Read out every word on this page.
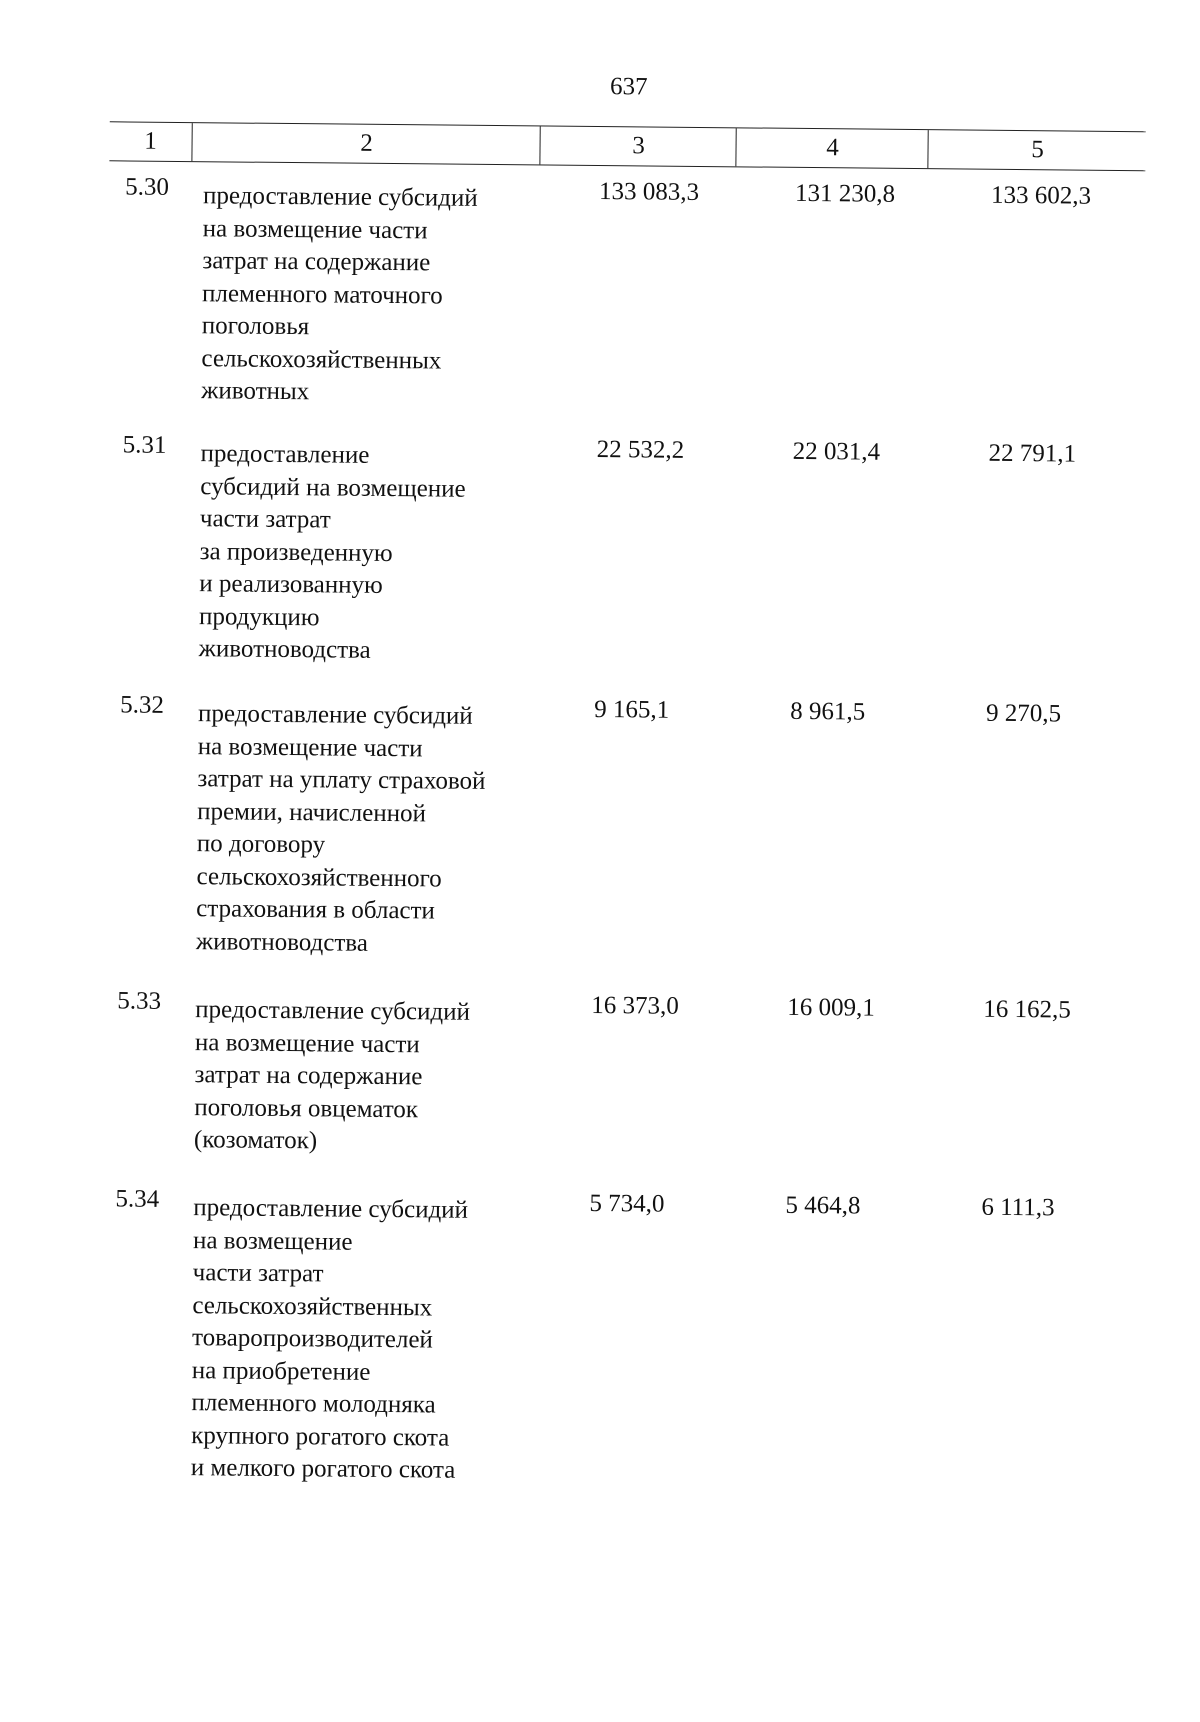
637
1	2	3	4	5
5.30 предоставление субсидий
на возмещение части
затрат на содержание
племенного маточного
поголовья
сельскохозяйственных
животных
133 083,3	131 230,8	133 602,3
5.31 предоставление
субсидий на возмещение
части затрат
за произведенную
и реализованную
продукцию
животноводства
22 532,2	22 031,4	22 791,1
5.32 предоставление субсидий
на возмещение части
затрат на уплату страховой
премии, начисленной
по договору
сельскохозяйственного
страхования в области
животноводства
9 165,1	8 961,5	9 270,5
5.33 предоставление субсидий
на возмещение части
затрат на содержание
поголовья овцематок
(козоматок)
16 373,0	16 009,1	16 162,5
5.34 предоставление субсидий
на возмещение
части затрат
сельскохозяйственных
товаропроизводителей
на приобретение
племенного молодняка
крупного рогатого скота
и мелкого рогатого скота
5 734,0	5 464,8	6 111,3
